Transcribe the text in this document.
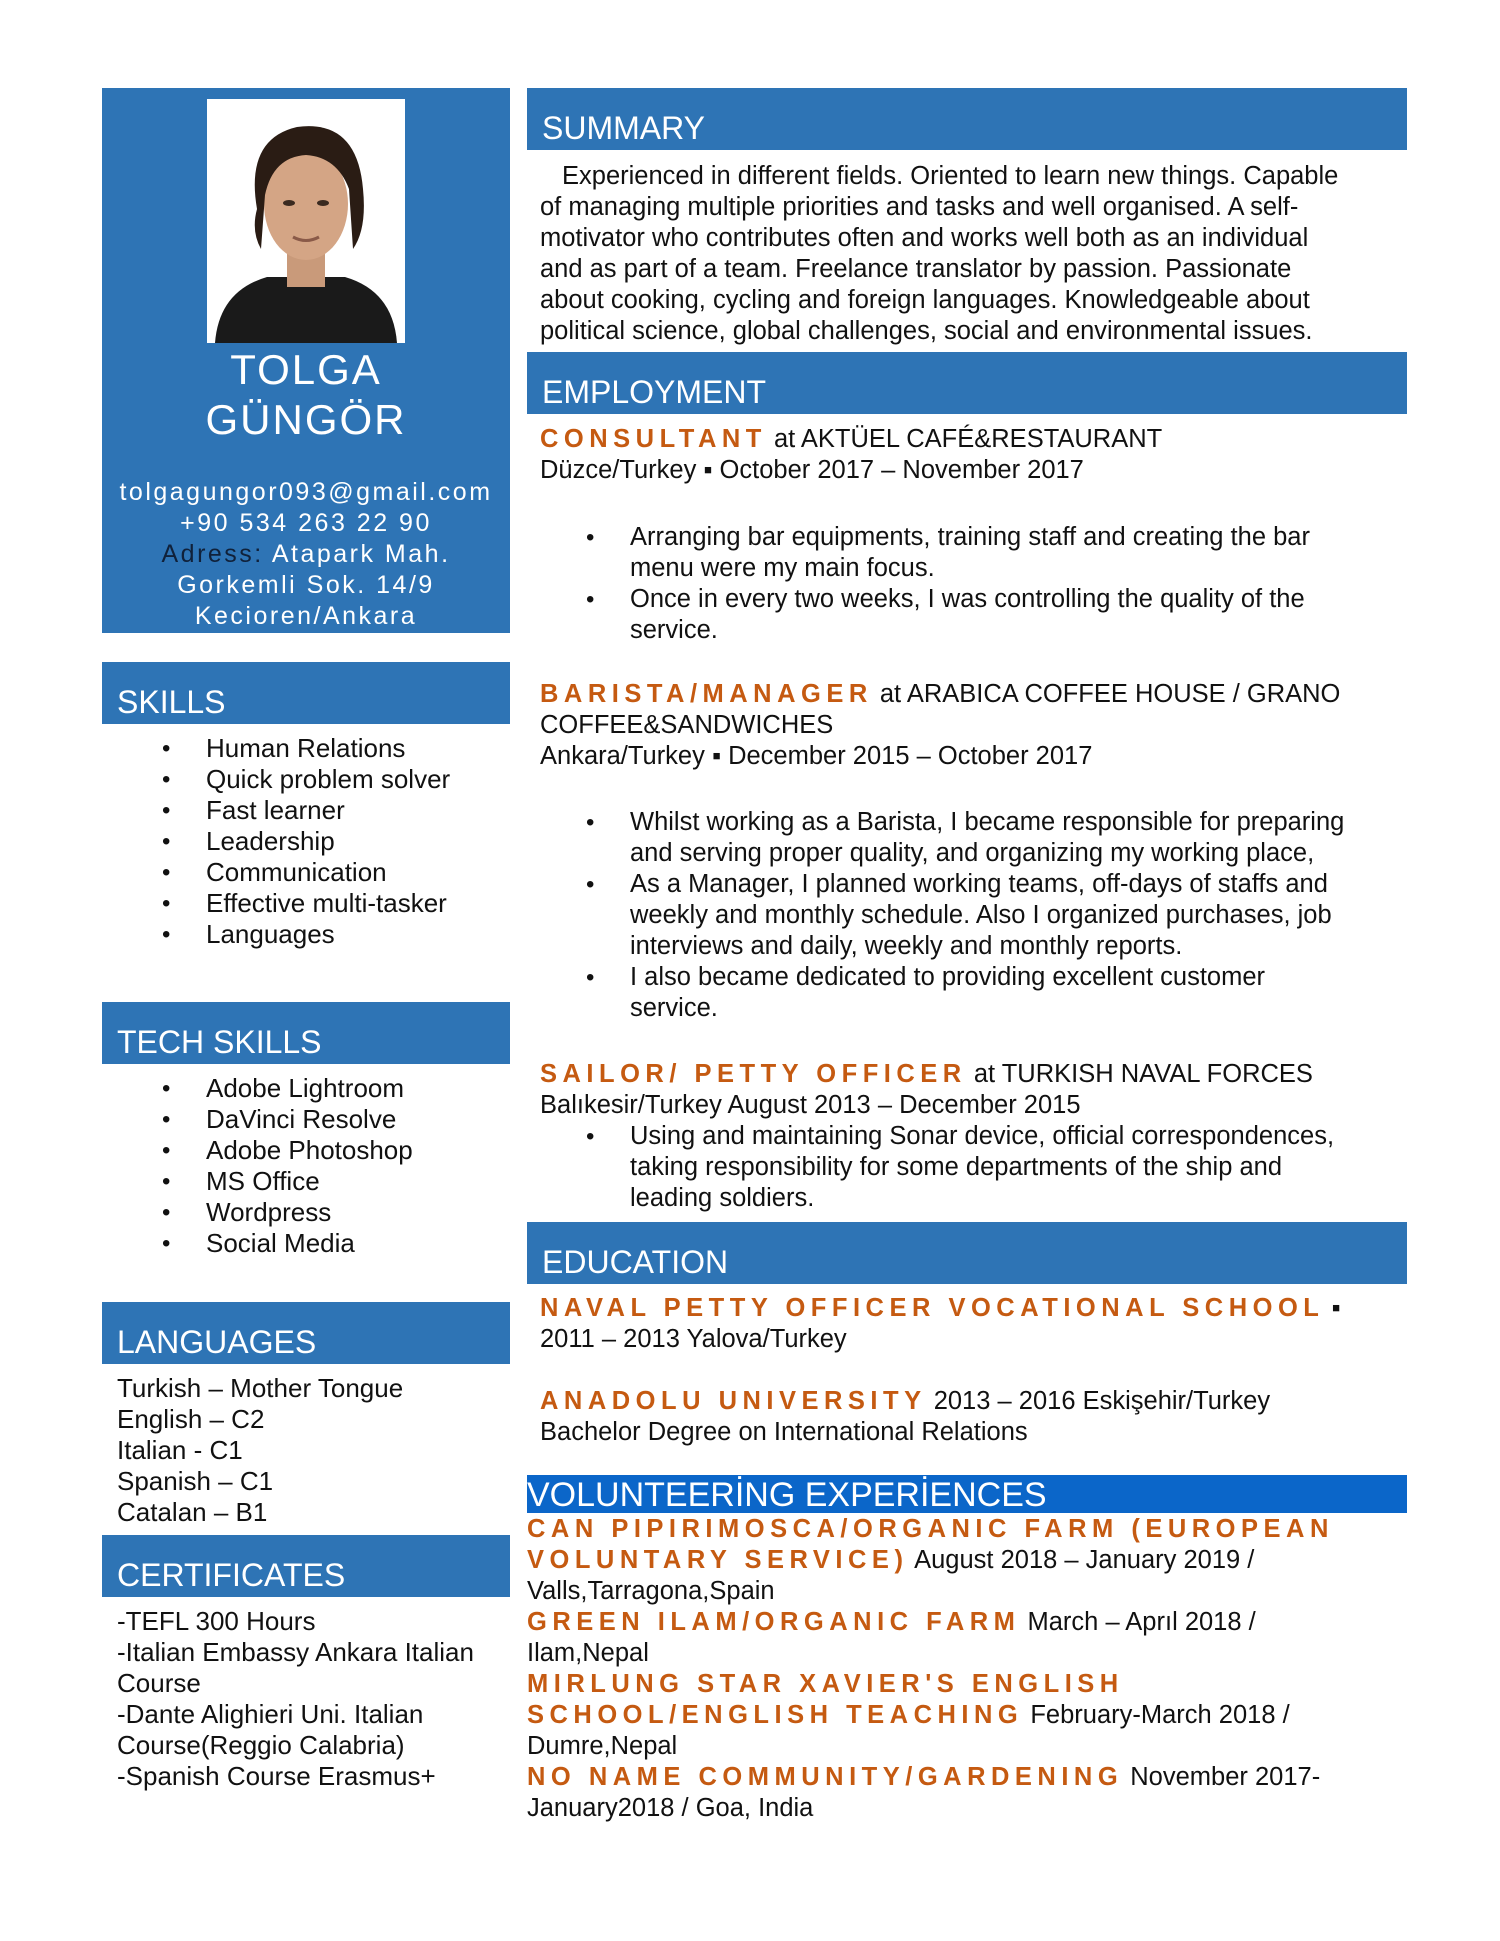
TOLGA
GÜNGÖR
tolgagungor093@gmail.com
+90 534 263 22 90
Adress: Atapark Mah.
Gorkemli Sok. 14/9
Kecioren/Ankara
SKILLS
• Human Relations
• Quick problem solver
• Fast learner
• Leadership
• Communication
• Effective multi-tasker
• Languages
TECH SKILLS
• Adobe Lightroom
• DaVinci Resolve
• Adobe Photoshop
• MS Office
• Wordpress
• Social Media
LANGUAGES
Turkish – Mother Tongue
English – C2
Italian - C1
Spanish – C1
Catalan – B1
CERTIFICATES
-TEFL 300 Hours
-Italian Embassy Ankara Italian
Course
-Dante Alighieri Uni. Italian
Course(Reggio Calabria)
-Spanish Course Erasmus+
SUMMARY
Experienced in different fields. Oriented to learn new things. Capable
of managing multiple priorities and tasks and well organised. A self-
motivator who contributes often and works well both as an individual
and as part of a team. Freelance translator by passion. Passionate
about cooking, cycling and foreign languages. Knowledgeable about
political science, global challenges, social and environmental issues.
EMPLOYMENT
CONSULTANT at AKTÜEL CAFÉ&RESTAURANT
Düzce/Turkey ▪ October 2017 – November 2017
• Arranging bar equipments, training staff and creating the bar
menu were my main focus.
• Once in every two weeks, I was controlling the quality of the
service.
BARISTA/MANAGER at ARABICA COFFEE HOUSE / GRANO
COFFEE&SANDWICHES
Ankara/Turkey ▪ December 2015 – October 2017
• Whilst working as a Barista, I became responsible for preparing
and serving proper quality, and organizing my working place,
• As a Manager, I planned working teams, off-days of staffs and
weekly and monthly schedule. Also I organized purchases, job
interviews and daily, weekly and monthly reports.
• I also became dedicated to providing excellent customer
service.
SAILOR/ PETTY OFFICER at TURKISH NAVAL FORCES
Balıkesir/Turkey August 2013 – December 2015
• Using and maintaining Sonar device, official correspondences,
taking responsibility for some departments of the ship and
leading soldiers.
EDUCATION
NAVAL PETTY OFFICER VOCATIONAL SCHOOL ▪
2011 – 2013 Yalova/Turkey
ANADOLU UNIVERSITY 2013 – 2016 Eskişehir/Turkey
Bachelor Degree on International Relations
VOLUNTEERİNG EXPERİENCES
CAN PIPIRIMOSCA/ORGANIC FARM (EUROPEAN
VOLUNTARY SERVICE) August 2018 – January 2019 /
Valls,Tarragona,Spain
GREEN ILAM/ORGANIC FARM March – Aprıl 2018 /
Ilam,Nepal
MIRLUNG STAR XAVIER'S ENGLISH
SCHOOL/ENGLISH TEACHING February-March 2018 /
Dumre,Nepal
NO NAME COMMUNITY/GARDENING November 2017-
January2018 / Goa, India
